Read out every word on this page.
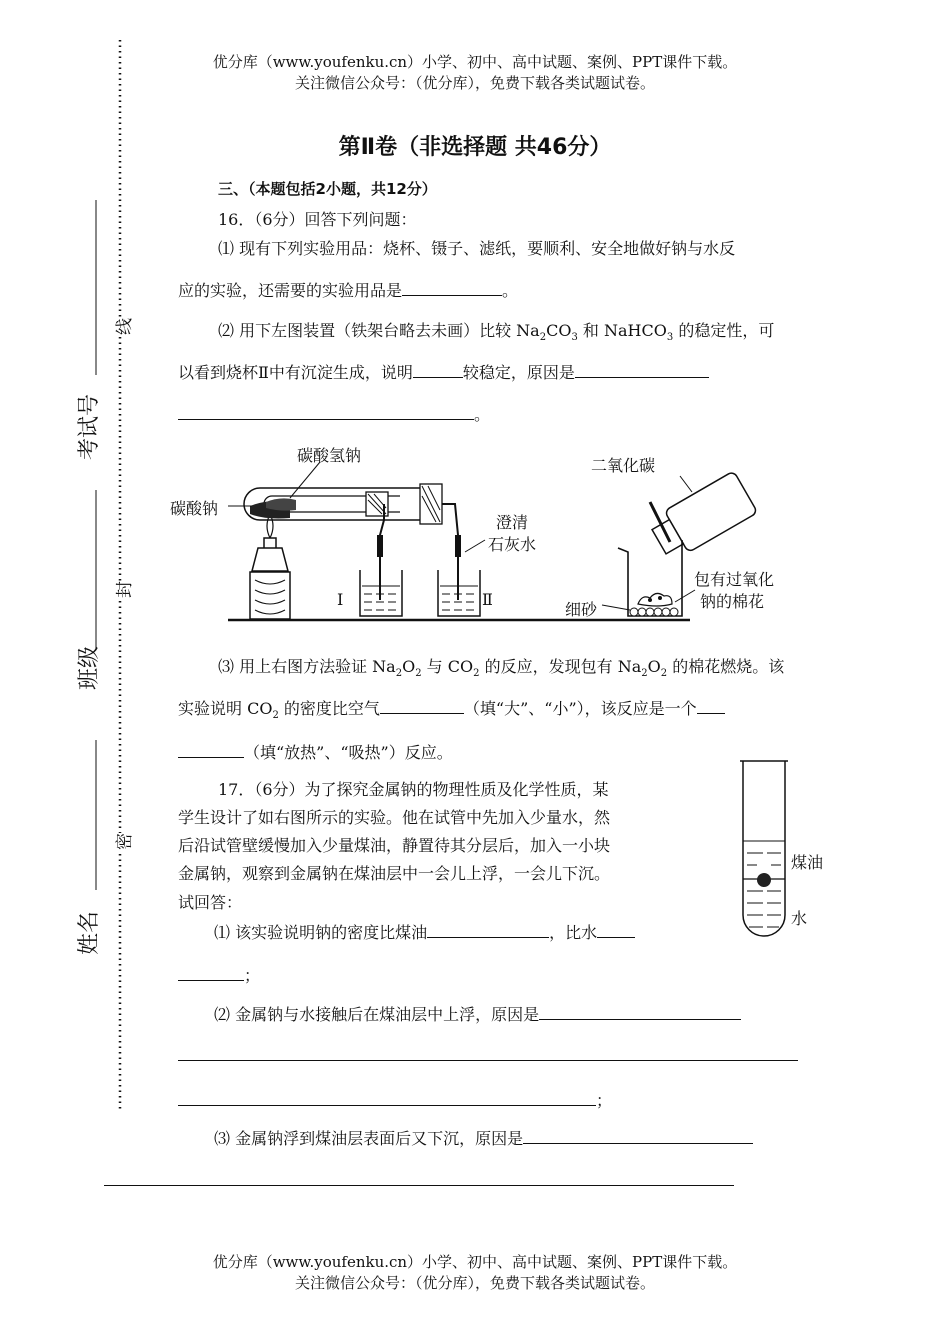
优分库（www.youfenku.cn）小学、初中、高中试题、案例、PPT课件下载。
关注微信公众号：（优分库），免费下载各类试题试卷。
考试号
班级
姓名
线
封
密
第Ⅱ卷（非选择题 共46分）
三、（本题包括2小题，共12分）
16．（6分）回答下列问题：
⑴ 现有下列实验用品：烧杯、镊子、滤纸，要顺利、安全地做好钠与水反
应的实验，还需要的实验用品是	。
⑵ 用下左图装置（铁架台略去未画）比较 $Na_2CO_3$ 和 NaHCO$_3$ 的稳定性，可
以看到烧杯Ⅱ中有沉淀生成，说明	较稳定，原因是
。
碳酸氢钠
碳酸钠
澄清
石灰水
Ⅰ	Ⅱ
二氧化碳
包有过氧化
钠的棉花
细砂
⑶ 用上右图方法验证 $Na_2O_2$ 与 $CO_2$ 的反应，发现包有 $Na_2O_2$ 的棉花燃烧。该
实验说明 $CO_2$ 的密度比空气	（填“大”、“小”），该反应是一个
（填“放热”、“吸热”）反应。
17．（6分）为了探究金属钠的物理性质及化学性质，某
学生设计了如右图所示的实验。他在试管中先加入少量水，然
后沿试管壁缓慢加入少量煤油，静置待其分层后，加入一小块
金属钠，观察到金属钠在煤油层中一会儿上浮，一会儿下沉。
试回答：
⑴ 该实验说明钠的密度比煤油	，比水
；
煤油
水
⑵ 金属钠与水接触后在煤油层中上浮，原因是
；
⑶ 金属钠浮到煤油层表面后又下沉，原因是
优分库（www.youfenku.cn）小学、初中、高中试题、案例、PPT课件下载。
关注微信公众号：（优分库），免费下载各类试题试卷。
